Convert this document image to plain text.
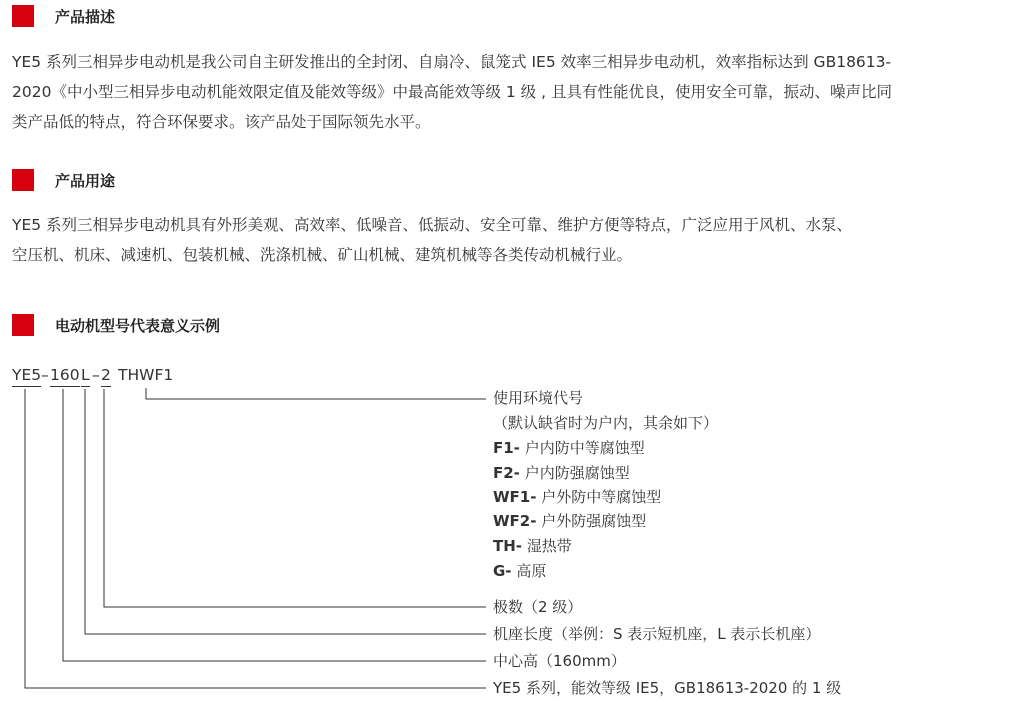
产品描述
YE5 系列三相异步电动机是我公司自主研发推出的全封闭、自扇冷、鼠笼式 IE5 效率三相异步电动机，效率指标达到 GB18613-
2020《中小型三相异步电动机能效限定值及能效等级》中最高能效等级 1 级 , 且具有性能优良，使用安全可靠，振动、噪声比同
类产品低的特点，符合环保要求。该产品处于国际领先水平。
产品用途
YE5 系列三相异步电动机具有外形美观、高效率、低噪音、低振动、安全可靠、维护方便等特点，广泛应用于风机、水泵、
空压机、机床、减速机、包装机械、洗涤机械、矿山机械、建筑机械等各类传动机械行业。
电动机型号代表意义示例
YE5 – 160 L – 2 THWF1
使用环境代号
（默认缺省时为户内，其余如下）
F1- 户内防中等腐蚀型
F2- 户内防强腐蚀型
WF1- 户外防中等腐蚀型
WF2- 户外防强腐蚀型
TH- 湿热带
G- 高原
极数（2 级）
机座长度（举例：S 表示短机座，L 表示长机座）
中心高（160mm）
YE5 系列，能效等级 IE5，GB18613-2020 的 1 级
